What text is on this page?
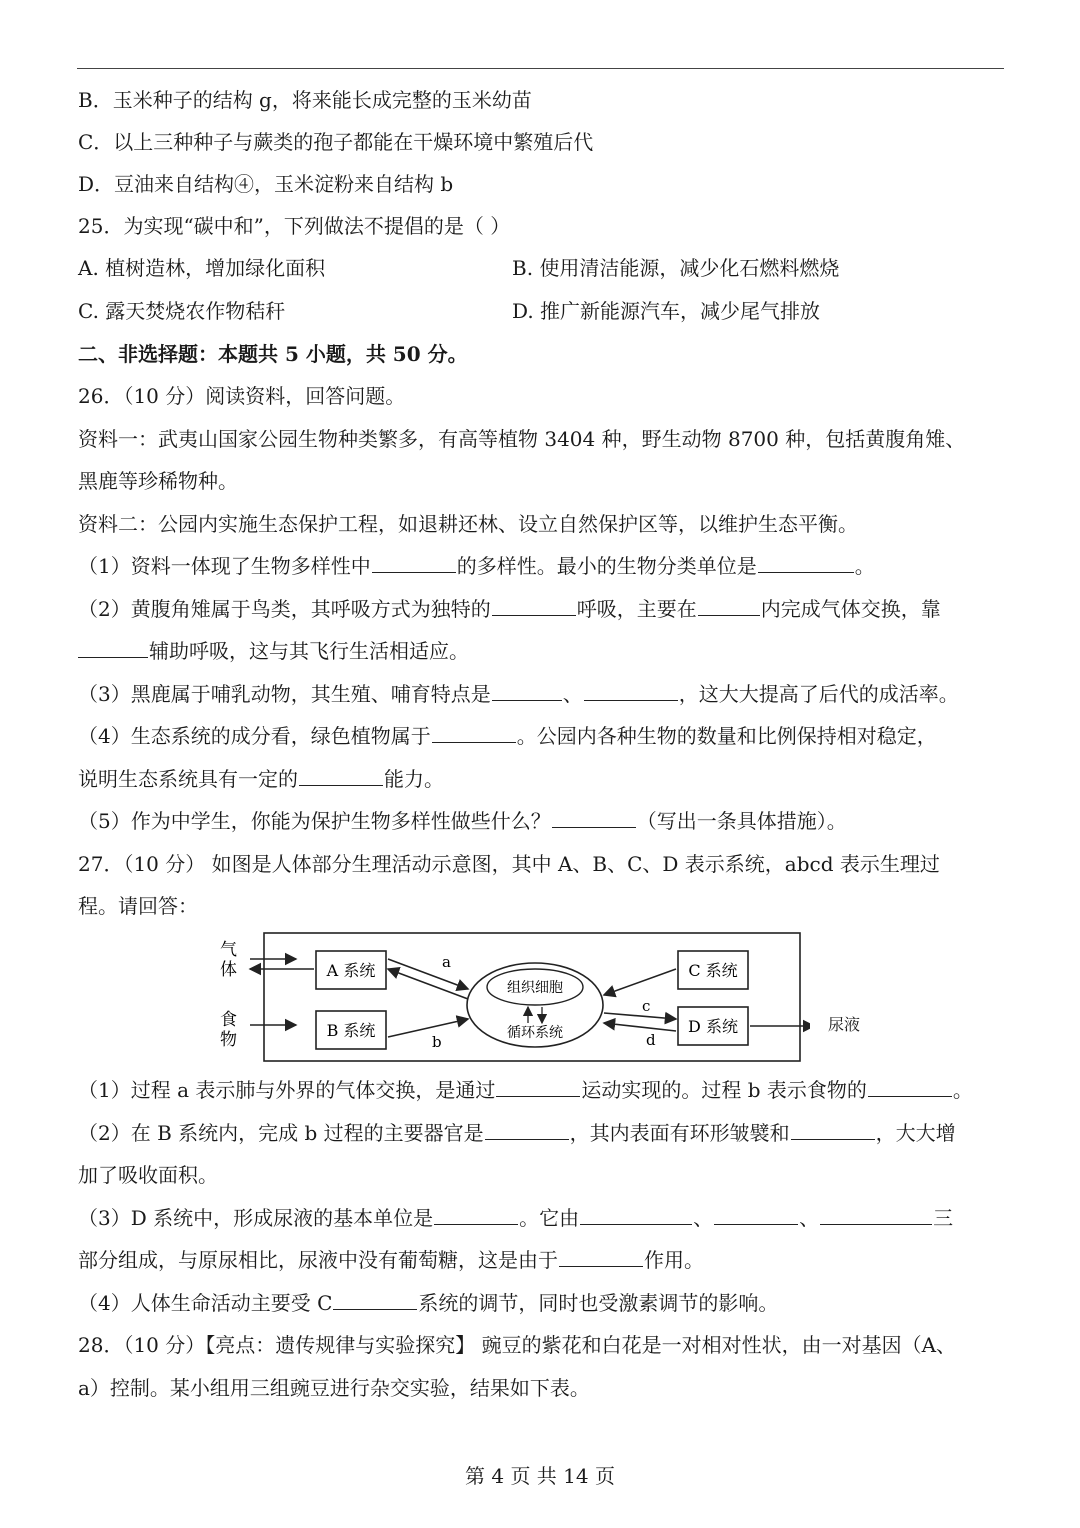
B．玉米种子的结构 g，将来能长成完整的玉米幼苗
C．以上三种种子与蕨类的孢子都能在干燥环境中繁殖后代
D．豆油来自结构④，玉米淀粉来自结构 b
25．为实现“碳中和”，下列做法不提倡的是（ ）
A. 植树造林，增加绿化面积	B. 使用清洁能源，减少化石燃料燃烧
C. 露天焚烧农作物秸秆	D. 推广新能源汽车，减少尾气排放
二、非选择题：本题共 5 小题，共 50 分。
26．（10 分）阅读资料，回答问题。
资料一：武夷山国家公园生物种类繁多，有高等植物 3404 种，野生动物 8700 种，包括黄腹角雉、
黑鹿等珍稀物种。
资料二：公园内实施生态保护工程，如退耕还林、设立自然保护区等，以维护生态平衡。
（1）资料一体现了生物多样性中	的多样性。最小的生物分类单位是	。
（2）黄腹角雉属于鸟类，其呼吸方式为独特的	呼吸，主要在	内完成气体交换，靠
辅助呼吸，这与其飞行生活相适应。
（3）黑鹿属于哺乳动物，其生殖、哺育特点是	、	，这大大提高了后代的成活率。
（4）生态系统的成分看，绿色植物属于	。公园内各种生物的数量和比例保持相对稳定，
说明生态系统具有一定的	能力。
（5）作为中学生，你能为保护生物多样性做些什么？	（写出一条具体措施）。
27．（10 分） 如图是人体部分生理活动示意图，其中 A、B、C、D 表示系统，abcd 表示生理过
程。请回答：
气
体
食
物
A 系统
B 系统
C 系统
D 系统
组织细胞
循环系统
a
b
c
d
尿液
（1）过程 a 表示肺与外界的气体交换，是通过	运动实现的。过程 b 表示食物的	。
（2）在 B 系统内，完成 b 过程的主要器官是	，其内表面有环形皱襞和	，大大增
加了吸收面积。
（3）D 系统中，形成尿液的基本单位是	。它由	、	、	三
部分组成，与原尿相比，尿液中没有葡萄糖，这是由于	作用。
（4）人体生命活动主要受 C	系统的调节，同时也受激素调节的影响。
28．（10 分）【亮点：遗传规律与实验探究】 豌豆的紫花和白花是一对相对性状，由一对基因（A、
a）控制。某小组用三组豌豆进行杂交实验，结果如下表。
第 4 页 共 14 页
